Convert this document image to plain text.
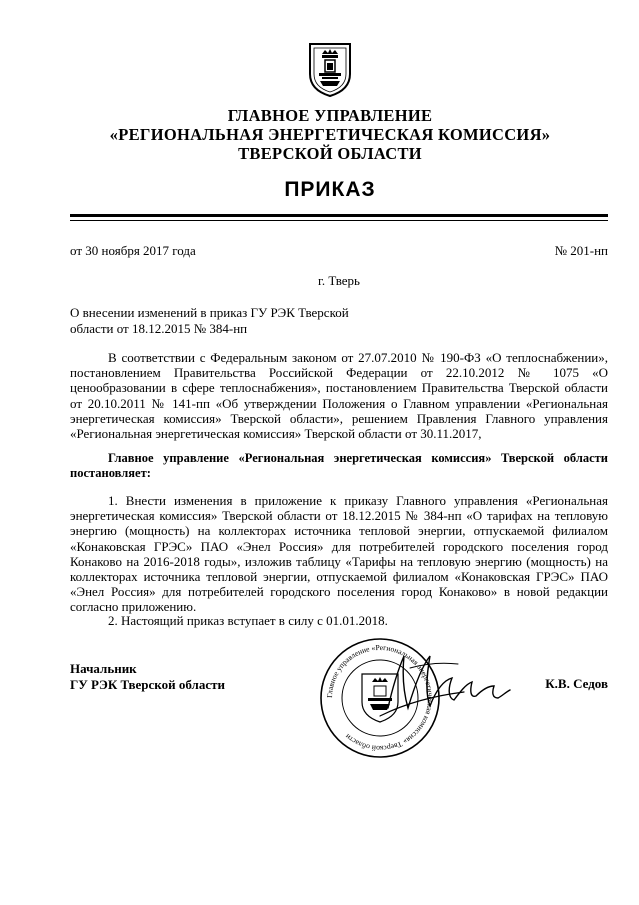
ГЛАВНОЕ УПРАВЛЕНИЕ
«РЕГИОНАЛЬНАЯ ЭНЕРГЕТИЧЕСКАЯ КОМИССИЯ»
ТВЕРСКОЙ ОБЛАСТИ
ПРИКАЗ
от 30 ноября 2017 года	№ 201-нп
г. Тверь
О внесении изменений в приказ ГУ РЭК Тверской
области от 18.12.2015 № 384-нп
В соответствии с Федеральным законом от 27.07.2010 № 190-ФЗ «О теплоснабжении», постановлением Правительства Российской Федерации от 22.10.2012 № 1075 «О ценообразовании в сфере теплоснабжения», постановлением Правительства Тверской области от 20.10.2011 № 141-пп «Об утверждении Положения о Главном управлении «Региональная энергетическая комиссия» Тверской области», решением Правления Главного управления «Региональная энергетическая комиссия» Тверской области от 30.11.2017,
Главное управление «Региональная энергетическая комиссия» Тверской области постановляет:
1. Внести изменения в приложение к приказу Главного управления «Региональная энергетическая комиссия» Тверской области от 18.12.2015 № 384-нп «О тарифах на тепловую энергию (мощность) на коллекторах источника тепловой энергии, отпускаемой филиалом «Конаковская ГРЭС» ПАО «Энел Россия» для потребителей городского поселения город Конаково на 2016-2018 годы», изложив таблицу «Тарифы на тепловую энергию (мощность) на коллекторах источника тепловой энергии, отпускаемой филиалом «Конаковская ГРЭС» ПАО «Энел Россия» для потребителей городского поселения город Конаково» в новой редакции согласно приложению.
2. Настоящий приказ вступает в силу с 01.01.2018.
Начальник
ГУ РЭК Тверской области	К.В. Седов
Главное управление «Региональная энергетическая комиссия» Тверской области
